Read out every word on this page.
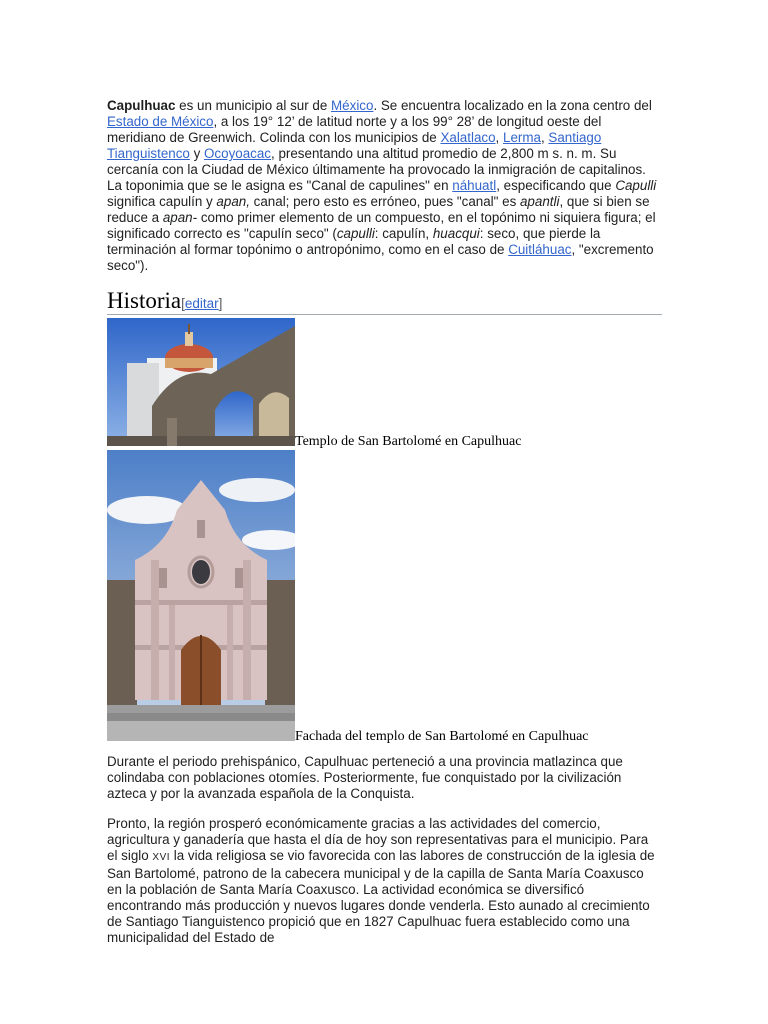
Capulhuac es un municipio al sur de México. Se encuentra localizado en la zona centro del Estado de México, a los 19° 12’ de latitud norte y a los 99° 28’ de longitud oeste del meridiano de Greenwich. Colinda con los municipios de Xalatlaco, Lerma, Santiago Tianguistenco y Ocoyoacac, presentando una altitud promedio de 2,800 m s. n. m. Su cercanía con la Ciudad de México últimamente ha provocado la inmigración de capitalinos. La toponimia que se le asigna es "Canal de capulines" en náhuatl, especificando que Capulli significa capulín y apan, canal; pero esto es erróneo, pues "canal" es apantli, que si bien se reduce a apan- como primer elemento de un compuesto, en el topónimo ni siquiera figura; el significado correcto es "capulín seco" (capulli: capulín, huacqui: seco, que pierde la terminación al formar topónimo o antropónimo, como en el caso de Cuitláhuac, "excremento seco").

Historia[editar]
Templo de San Bartolomé en Capulhuac
Fachada del templo de San Bartolomé en Capulhuac

Durante el periodo prehispánico, Capulhuac perteneció a una provincia matlazinca que colindaba con poblaciones otomíes. Posteriormente, fue conquistado por la civilización azteca y por la avanzada española de la Conquista.

Pronto, la región prosperó económicamente gracias a las actividades del comercio, agricultura y ganadería que hasta el día de hoy son representativas para el municipio. Para el siglo XVI la vida religiosa se vio favorecida con las labores de construcción de la iglesia de San Bartolomé, patrono de la cabecera municipal y de la capilla de Santa María Coaxusco en la población de Santa María Coaxusco. La actividad económica se diversificó encontrando más producción y nuevos lugares donde venderla. Esto aunado al crecimiento de Santiago Tianguistenco propició que en 1827 Capulhuac fuera establecido como una municipalidad del Estado de
